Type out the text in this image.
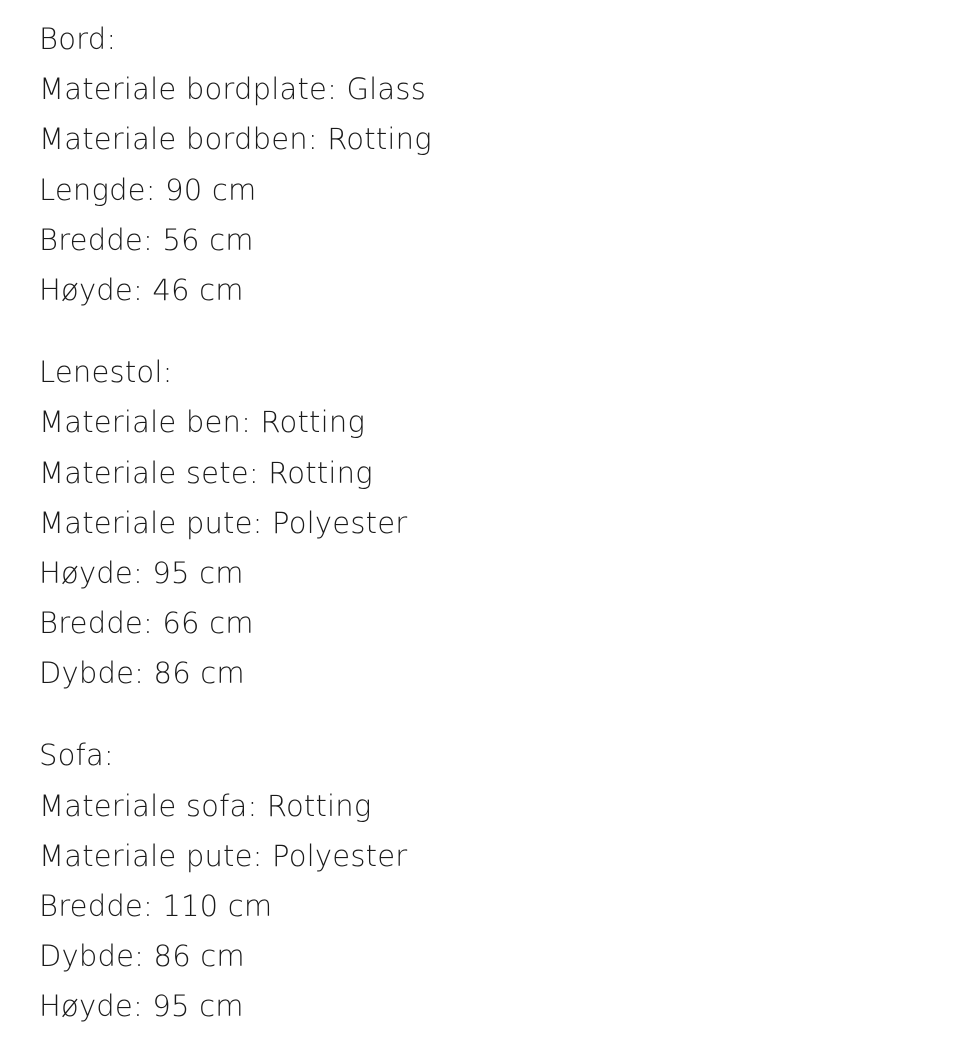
Bord:
Materiale bordplate: Glass
Materiale bordben: Rotting
Lengde: 90 cm
Bredde: 56 cm
Høyde: 46 cm
Lenestol:
Materiale ben: Rotting
Materiale sete: Rotting
Materiale pute: Polyester
Høyde: 95 cm
Bredde: 66 cm
Dybde: 86 cm
Sofa:
Materiale sofa: Rotting
Materiale pute: Polyester
Bredde: 110 cm
Dybde: 86 cm
Høyde: 95 cm
